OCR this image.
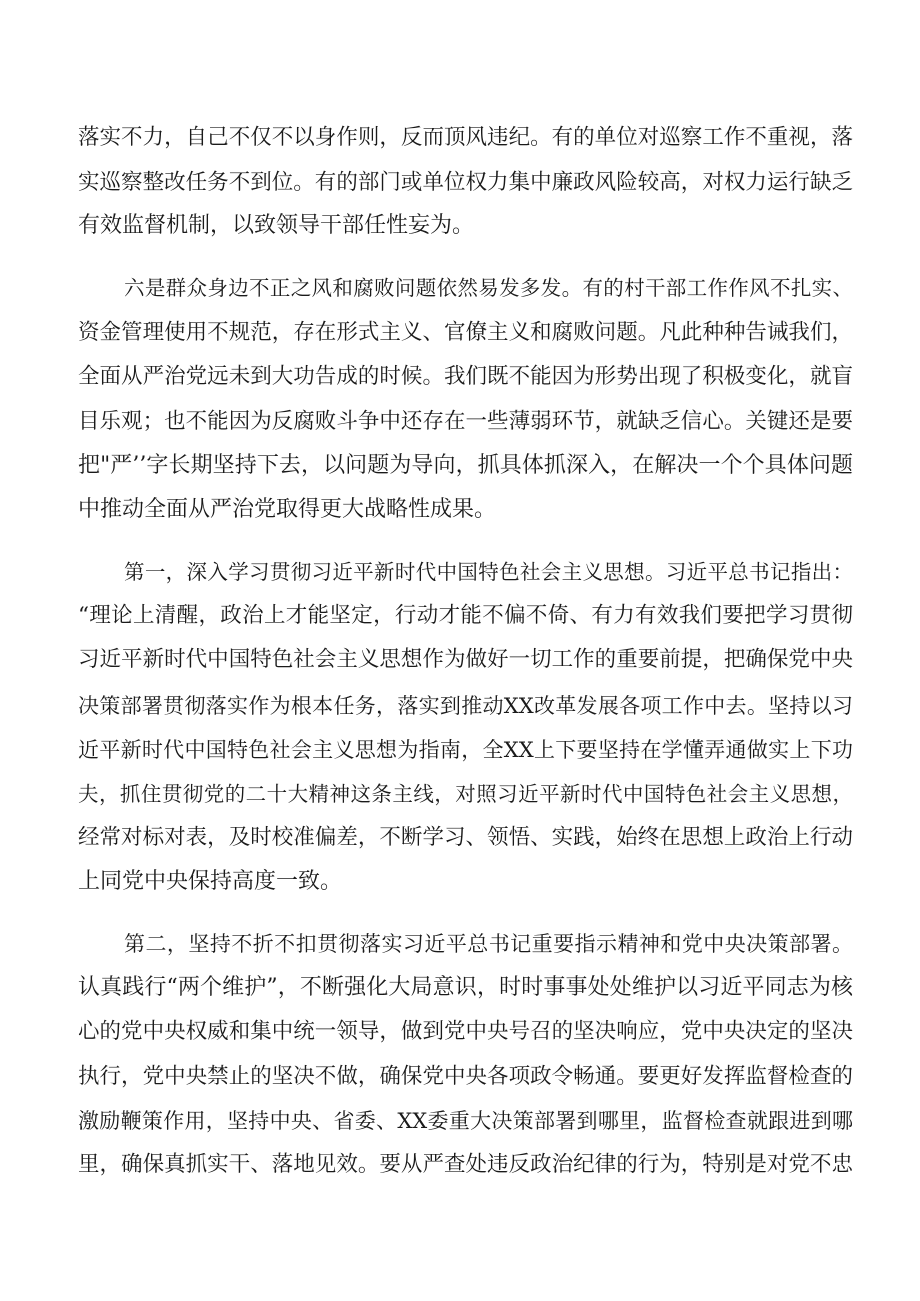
落实不力，自己不仅不以身作则，反而顶风违纪。有的单位对巡察工作不重视，落
实巡察整改任务不到位。有的部门或单位权力集中廉政风险较高，对权力运行缺乏
有效监督机制，以致领导干部任性妄为。
六是群众身边不正之风和腐败问题依然易发多发。有的村干部工作作风不扎实、
资金管理使用不规范，存在形式主义、官僚主义和腐败问题。凡此种种告诫我们，
全面从严治党远未到大功告成的时候。我们既不能因为形势出现了积极变化，就盲
目乐观；也不能因为反腐败斗争中还存在一些薄弱环节，就缺乏信心。关键还是要
把"严’’字长期坚持下去，以问题为导向，抓具体抓深入，在解决一个个具体问题
中推动全面从严治党取得更大战略性成果。
第一，深入学习贯彻习近平新时代中国特色社会主义思想。习近平总书记指出：
“理论上清醒，政治上才能坚定，行动才能不偏不倚、有力有效我们要把学习贯彻
习近平新时代中国特色社会主义思想作为做好一切工作的重要前提，把确保党中央
决策部署贯彻落实作为根本任务，落实到推动XX改革发展各项工作中去。坚持以习
近平新时代中国特色社会主义思想为指南，全XX上下要坚持在学懂弄通做实上下功
夫，抓住贯彻党的二十大精神这条主线，对照习近平新时代中国特色社会主义思想，
经常对标对表，及时校准偏差，不断学习、领悟、实践，始终在思想上政治上行动
上同党中央保持高度一致。
第二，坚持不折不扣贯彻落实习近平总书记重要指示精神和党中央决策部署。
认真践行“两个维护”，不断强化大局意识，时时事事处处维护以习近平同志为核
心的党中央权威和集中统一领导，做到党中央号召的坚决响应，党中央决定的坚决
执行，党中央禁止的坚决不做，确保党中央各项政令畅通。要更好发挥监督检查的
激励鞭策作用，坚持中央、省委、XX委重大决策部署到哪里，监督检查就跟进到哪
里，确保真抓实干、落地见效。要从严查处违反政治纪律的行为，特别是对党不忠
